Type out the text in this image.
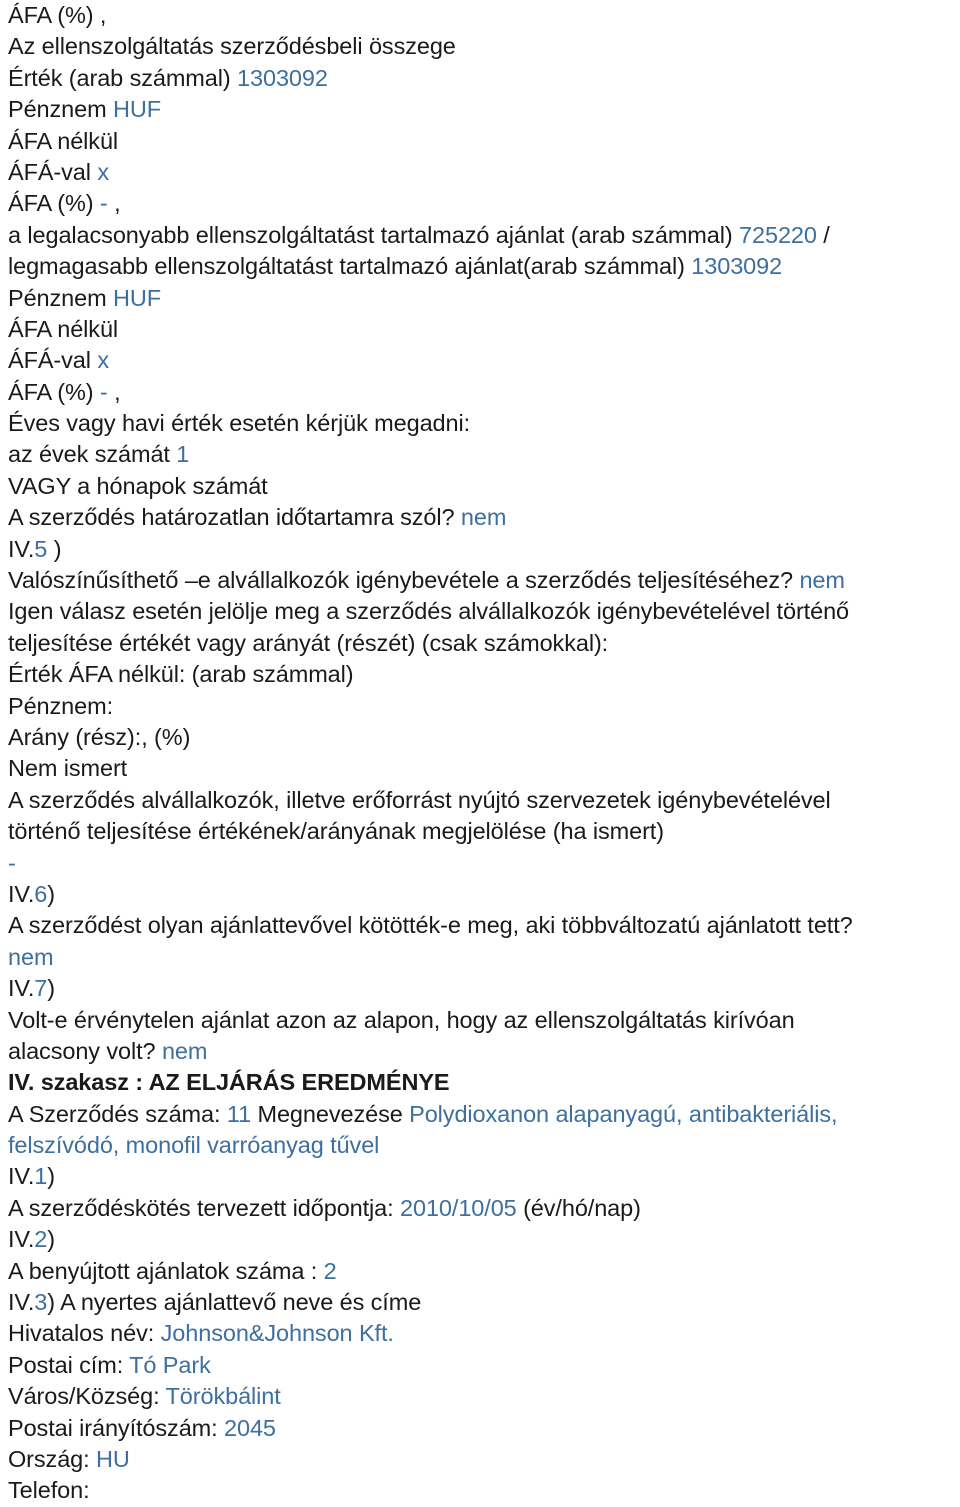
ÁFA (%) ,
Az ellenszolgáltatás szerződésbeli összege
Érték (arab számmal) 1303092
Pénznem HUF
ÁFA nélkül
ÁFÁ-val x
ÁFA (%) - ,
a legalacsonyabb ellenszolgáltatást tartalmazó ajánlat (arab számmal) 725220 /
legmagasabb ellenszolgáltatást tartalmazó ajánlat(arab számmal) 1303092
Pénznem HUF
ÁFA nélkül
ÁFÁ-val x
ÁFA (%) - ,
Éves vagy havi érték esetén kérjük megadni:
az évek számát 1
VAGY a hónapok számát
A szerződés határozatlan időtartamra szól? nem
IV.5 )
Valószínűsíthető –e alvállalkozók igénybevétele a szerződés teljesítéséhez? nem
Igen válasz esetén jelölje meg a szerződés alvállalkozók igénybevételével történő
teljesítése értékét vagy arányát (részét) (csak számokkal):
Érték ÁFA nélkül: (arab számmal)
Pénznem:
Arány (rész):, (%)
Nem ismert
A szerződés alvállalkozók, illetve erőforrást nyújtó szervezetek igénybevételével
történő teljesítése értékének/arányának megjelölése (ha ismert)
-
IV.6)
A szerződést olyan ajánlattevővel kötötték-e meg, aki többváltozatú ajánlatott tett?
nem
IV.7)
Volt-e érvénytelen ajánlat azon az alapon, hogy az ellenszolgáltatás kirívóan
alacsony volt? nem
IV. szakasz : AZ ELJÁRÁS EREDMÉNYE
A Szerződés száma: 11 Megnevezése Polydioxanon alapanyagú, antibakteriális,
felszívódó, monofil varróanyag tűvel
IV.1)
A szerződéskötés tervezett időpontja: 2010/10/05 (év/hó/nap)
IV.2)
A benyújtott ajánlatok száma : 2
IV.3) A nyertes ajánlattevő neve és címe
Hivatalos név: Johnson&Johnson Kft.
Postai cím: Tó Park
Város/Község: Törökbálint
Postai irányítószám: 2045
Ország: HU
Telefon:
